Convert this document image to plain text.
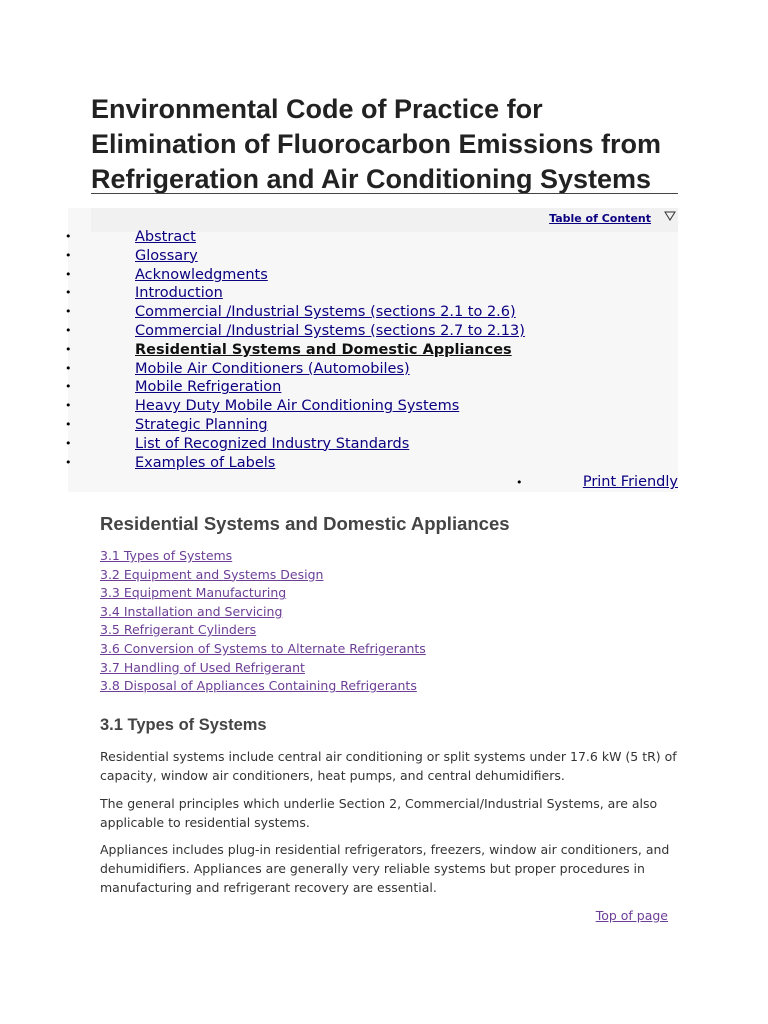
Environmental Code of Practice for Elimination of Fluorocarbon Emissions from Refrigeration and Air Conditioning Systems
Table of Content
•	Abstract
•	Glossary
•	Acknowledgments
•	Introduction
•	Commercial /Industrial Systems (sections 2.1 to 2.6)
•	Commercial /Industrial Systems (sections 2.7 to 2.13)
•	Residential Systems and Domestic Appliances
•	Mobile Air Conditioners (Automobiles)
•	Mobile Refrigeration
•	Heavy Duty Mobile Air Conditioning Systems
•	Strategic Planning
•	List of Recognized Industry Standards
•	Examples of Labels
•	Print Friendly
Residential Systems and Domestic Appliances
3.1 Types of Systems
3.2 Equipment and Systems Design
3.3 Equipment Manufacturing
3.4 Installation and Servicing
3.5 Refrigerant Cylinders
3.6 Conversion of Systems to Alternate Refrigerants
3.7 Handling of Used Refrigerant
3.8 Disposal of Appliances Containing Refrigerants
3.1 Types of Systems

Residential systems include central air conditioning or split systems under 17.6 kW (5 tR) of capacity, window air conditioners, heat pumps, and central dehumidifiers.

The general principles which underlie Section 2, Commercial/Industrial Systems, are also applicable to residential systems.

Appliances includes plug-in residential refrigerators, freezers, window air conditioners, and dehumidifiers. Appliances are generally very reliable systems but proper procedures in manufacturing and refrigerant recovery are essential.

Top of page
